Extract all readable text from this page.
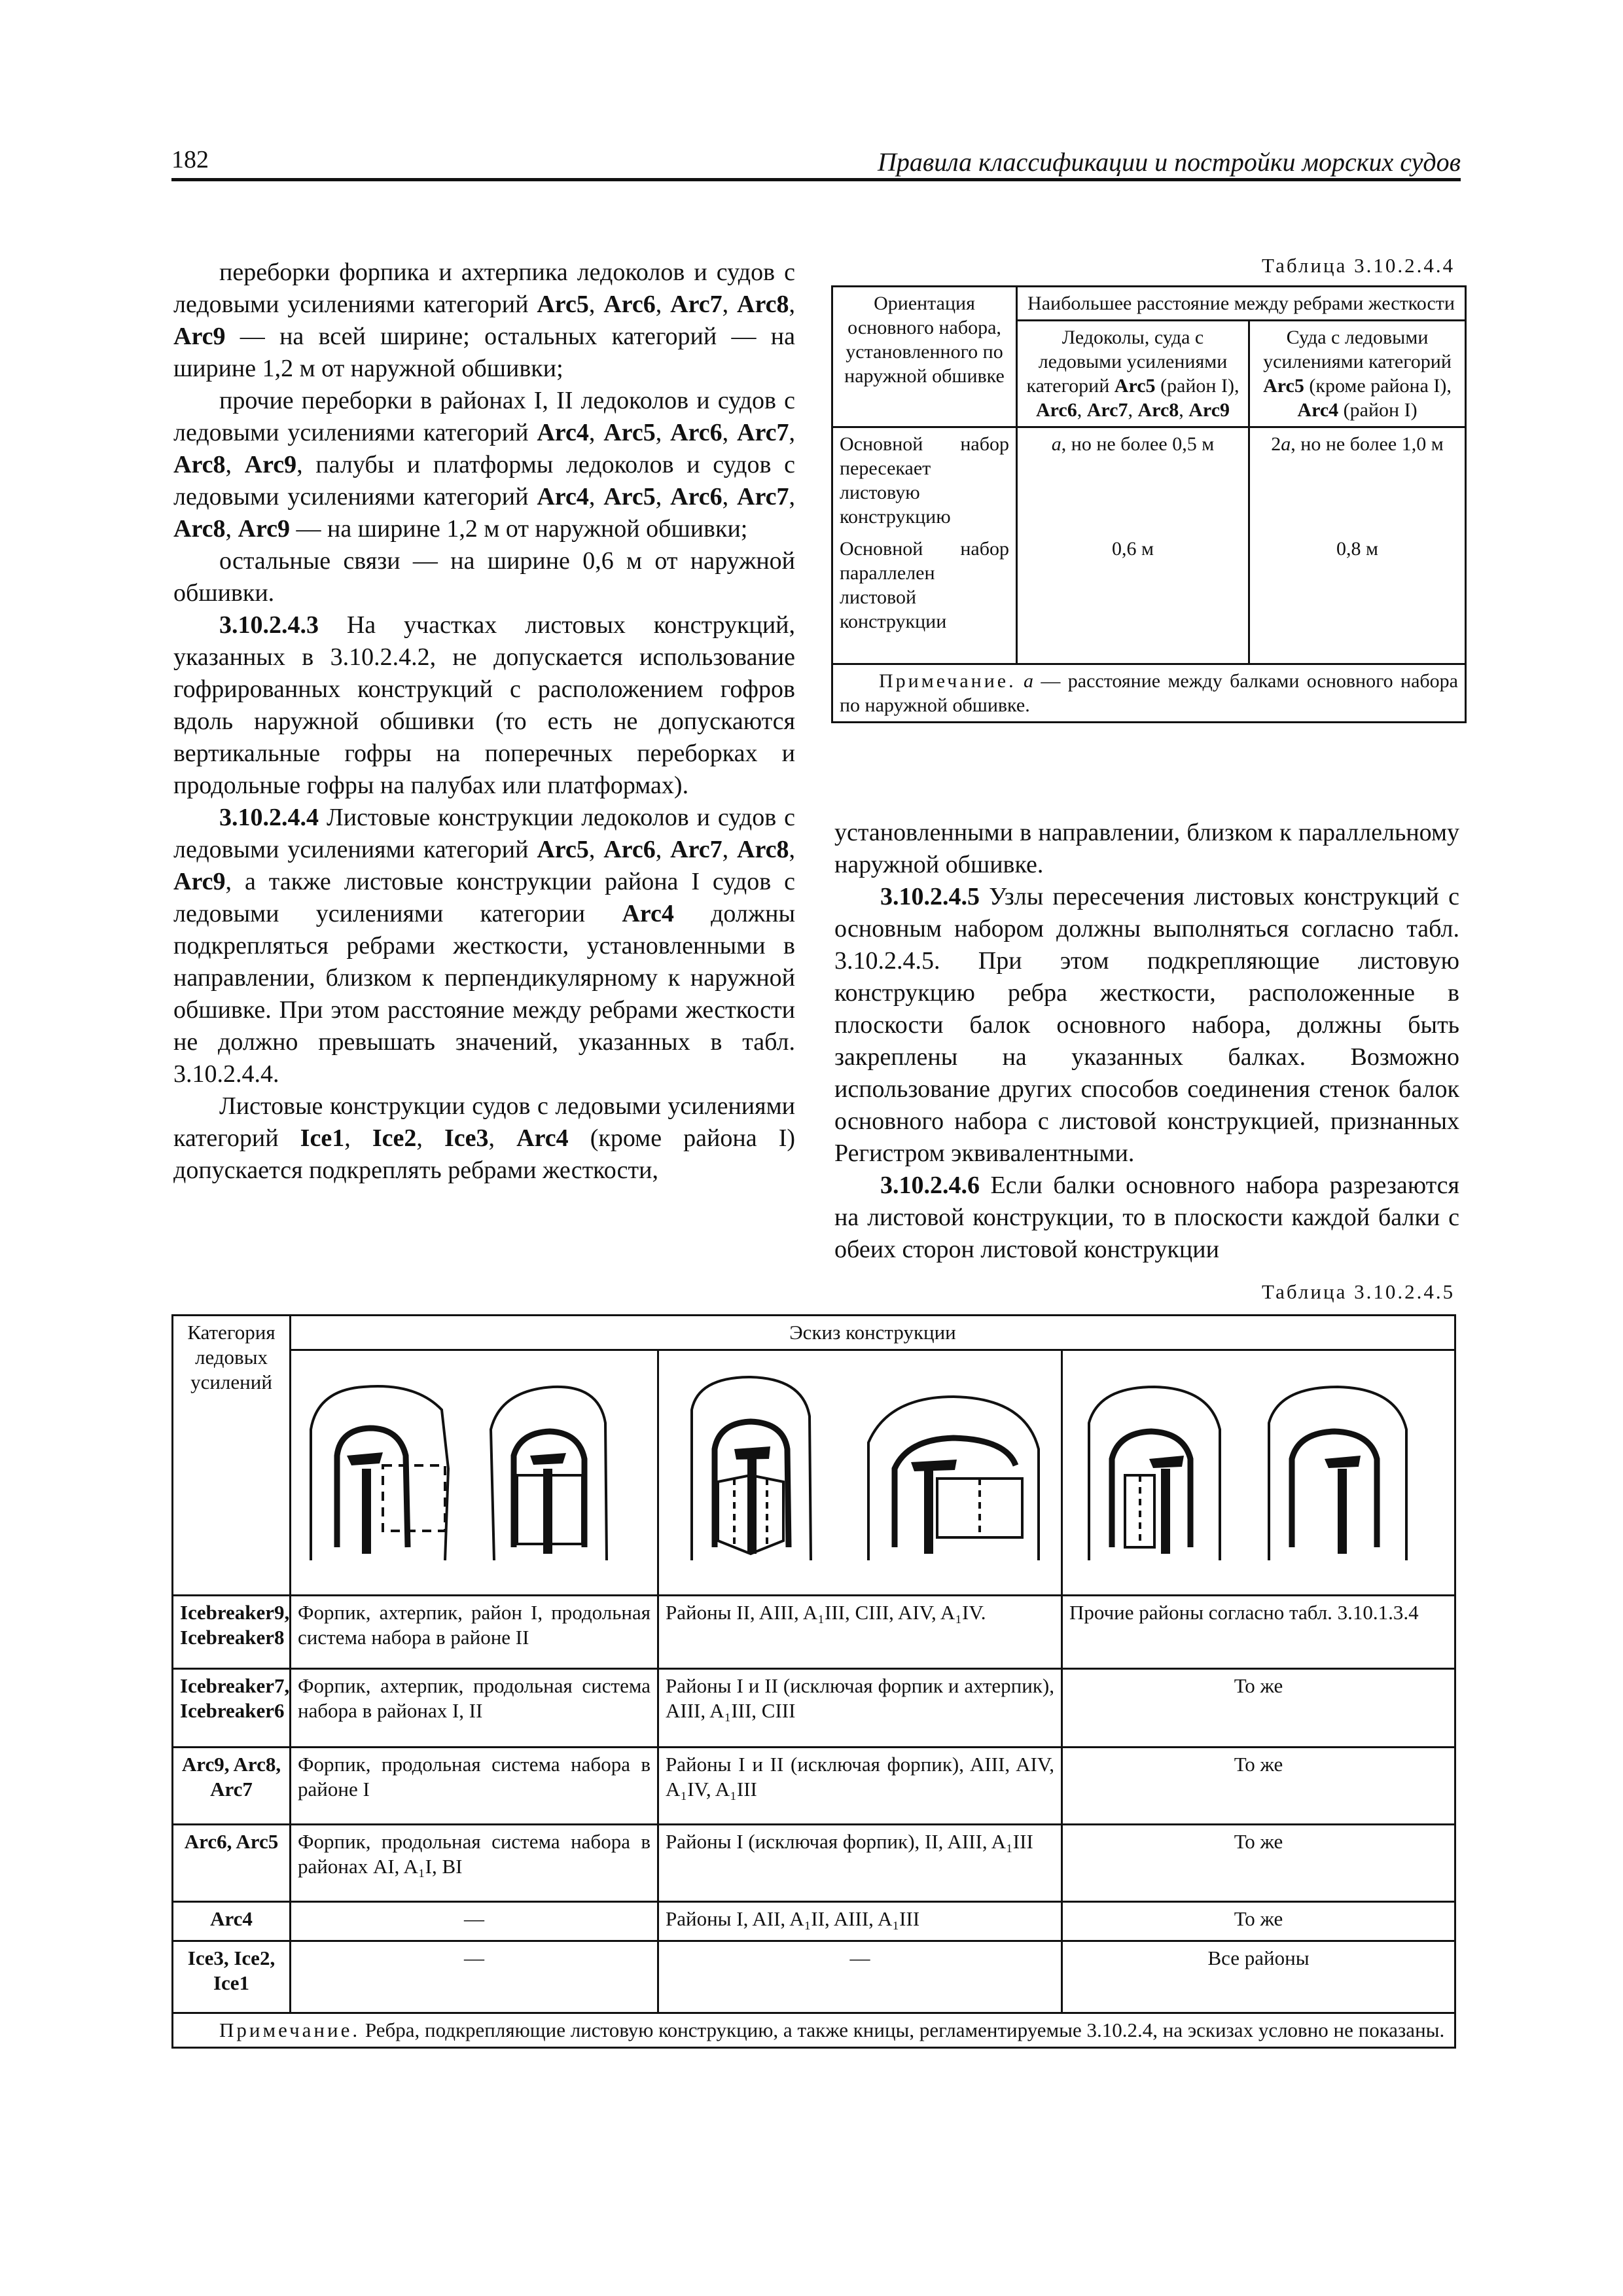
182	Правила классификации и постройки морских судов

переборки форпика и ахтерпика ледоколов и судов с ледовыми усилениями категорий Arc5, Arc6, Arc7, Arc8, Arc9 — на всей ширине; остальных категорий — на ширине 1,2 м от наружной обшивки;

прочие переборки в районах I, II ледоколов и судов с ледовыми усилениями категорий Arc4, Arc5, Arc6, Arc7, Arc8, Arc9, палубы и платформы ледоколов и судов с ледовыми усилениями категорий Arc4, Arc5, Arc6, Arc7, Arc8, Arc9 — на ширине 1,2 м от наружной обшивки;

остальные связи — на ширине 0,6 м от наружной обшивки.

3.10.2.4.3 На участках листовых конструкций, указанных в 3.10.2.4.2, не допускается использование гофрированных конструкций с расположением гофров вдоль наружной обшивки (то есть не допускаются вертикальные гофры на поперечных переборках и продольные гофры на палубах или платформах).

3.10.2.4.4 Листовые конструкции ледоколов и судов с ледовыми усилениями категорий Arc5, Arc6, Arc7, Arc8, Arc9, а также листовые конструкции района I судов с ледовыми усилениями категории Arc4 должны подкрепляться ребрами жесткости, установленными в направлении, близком к перпендикулярному к наружной обшивке. При этом расстояние между ребрами жесткости не должно превышать значений, указанных в табл. 3.10.2.4.4.

Листовые конструкции судов с ледовыми усилениями категорий Ice1, Ice2, Ice3, Arc4 (кроме района I) допускается подкреплять ребрами жесткости,

Таблица 3.10.2.4.4
Ориентация основного набора, установленного по наружной обшивке	Наибольшее расстояние между ребрами жесткости	
	Ледоколы, суда с ледовыми усилениями категорий Arc5 (район I), Arc6, Arc7, Arc8, Arc9	Суда с ледовыми усилениями категорий Arc5 (кроме района I), Arc4 (район I)
Основной набор пересекает листовую конструкцию	a, но не более 0,5 м	2a, но не более 1,0 м
Основной набор параллелен листовой конструкции	0,6 м	0,8 м
Примечание. a — расстояние между балками основного набора по наружной обшивке.		

установленными в направлении, близком к параллельному наружной обшивке.

3.10.2.4.5 Узлы пересечения листовых конструкций с основным набором должны выполняться согласно табл. 3.10.2.4.5. При этом подкрепляющие листовую конструкцию ребра жесткости, расположенные в плоскости балок основного набора, должны быть закреплены на указанных балках. Возможно использование других способов соединения стенок балок основного набора с листовой конструкцией, признанных Регистром эквивалентными.

3.10.2.4.6 Если балки основного набора разрезаются на листовой конструкции, то в плоскости каждой балки с обеих сторон листовой конструкции

Таблица 3.10.2.4.5
Категория ледовых усилений	Эскиз конструкции		

Icebreaker9, Icebreaker8	Форпик, ахтерпик, район I, продольная система набора в районе II	Районы II, AIII, A₁III, CIII, AIV, A₁IV.	Прочие районы согласно табл. 3.10.1.3.4
Icebreaker7, Icebreaker6	Форпик, ахтерпик, продольная система набора в районах I, II	Районы I и II (исключая форпик и ахтерпик), AIII, A₁III, CIII	То же
Arc9, Arc8, Arc7	Форпик, продольная система набора в районе I	Районы I и II (исключая форпик), AIII, AIV, A₁IV, A₁III	То же
Arc6, Arc5	Форпик, продольная система набора в районах AI, A₁I, BI	Районы I (исключая форпик), II, AIII, A₁III	То же
Arc4	—	Районы I, AII, A₁II, AIII, A₁III	То же
Ice3, Ice2, Ice1	—	—	Все районы
Примечание. Ребра, подкрепляющие листовую конструкцию, а также кницы, регламентируемые 3.10.2.4, на эскизах условно не показаны.			
